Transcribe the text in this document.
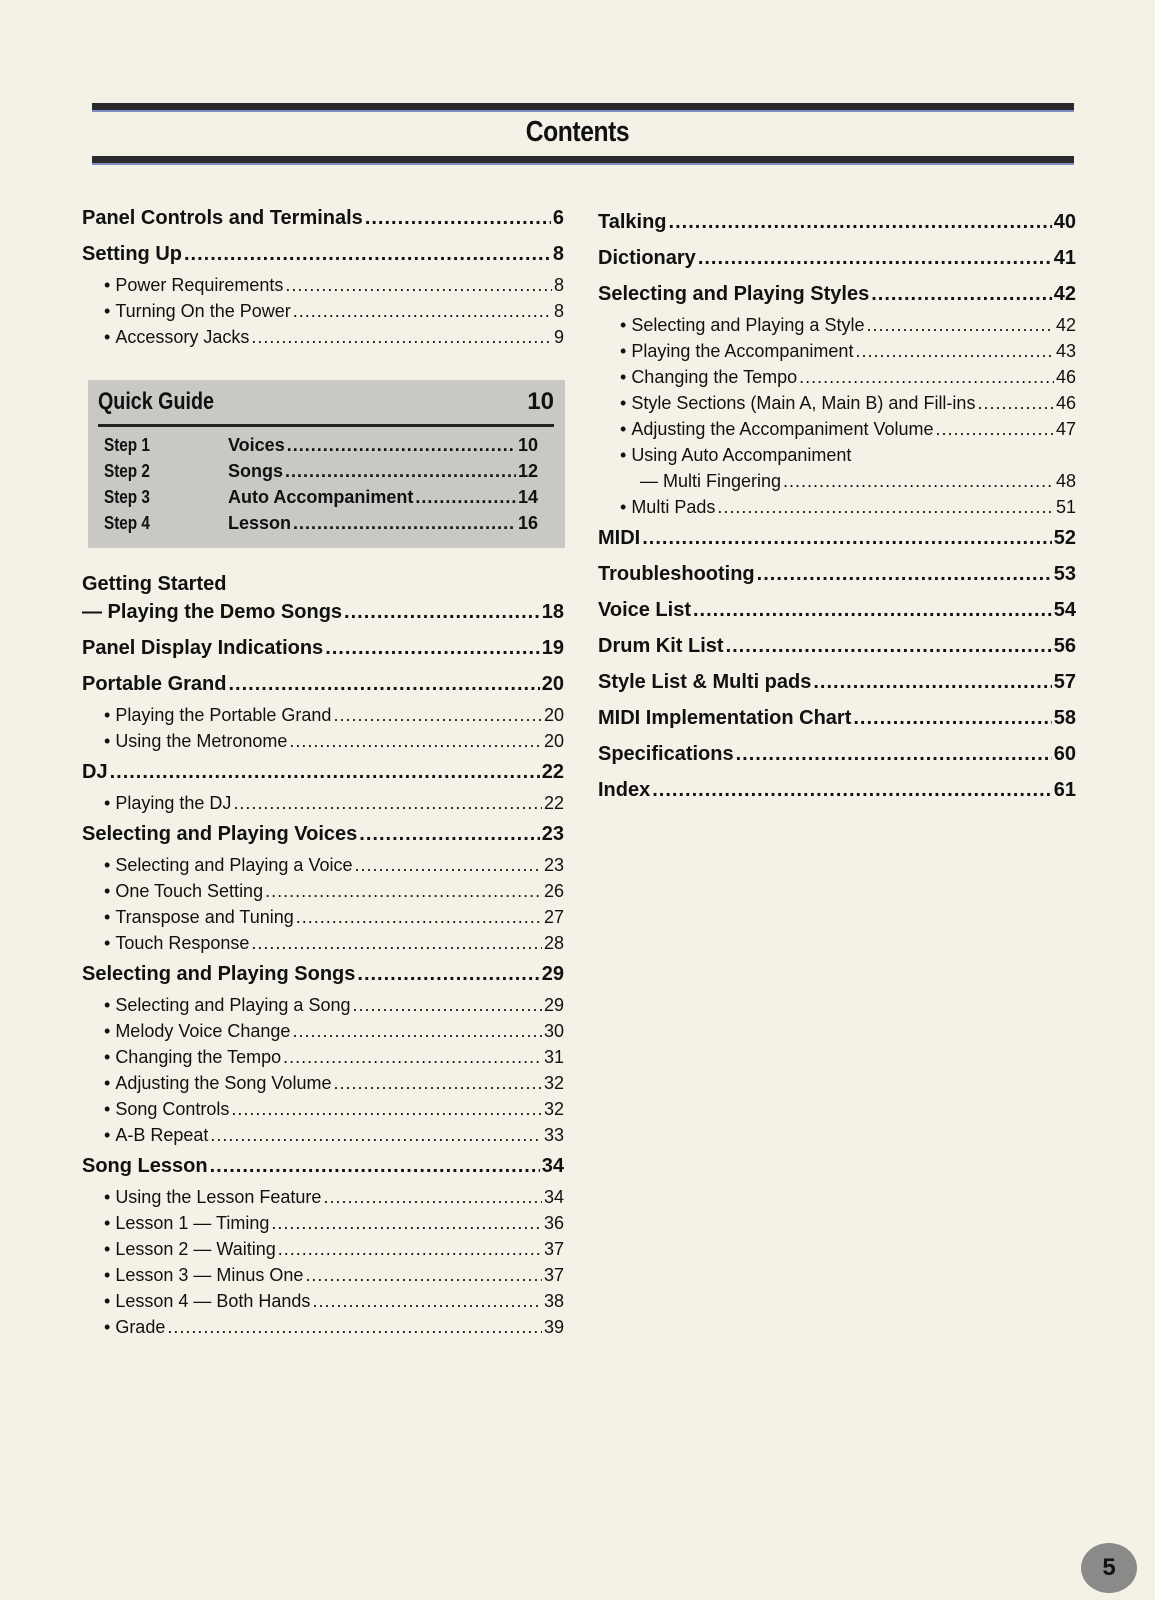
Contents
Panel Controls and Terminals .....	6
Setting Up .....	8
• Power Requirements .....	8
• Turning On the Power .....	8
• Accessory Jacks .....	9
Quick Guide	10
Step 1	Voices .....	10
Step 2	Songs .....	12
Step 3	Auto Accompaniment .....	14
Step 4	Lesson .....	16
Getting Started
— Playing the Demo Songs .....	18
Panel Display Indications .....	19
Portable Grand .....	20
• Playing the Portable Grand .....	20
• Using the Metronome .....	20
DJ .....	22
• Playing the DJ .....	22
Selecting and Playing Voices .....	23
• Selecting and Playing a Voice .....	23
• One Touch Setting .....	26
• Transpose and Tuning .....	27
• Touch Response .....	28
Selecting and Playing Songs .....	29
• Selecting and Playing a Song .....	29
• Melody Voice Change .....	30
• Changing the Tempo .....	31
• Adjusting the Song Volume .....	32
• Song Controls .....	32
• A-B Repeat .....	33
Song Lesson .....	34
• Using the Lesson Feature .....	34
• Lesson 1 — Timing .....	36
• Lesson 2 — Waiting .....	37
• Lesson 3 — Minus One .....	37
• Lesson 4 — Both Hands .....	38
• Grade .....	39
Talking .....	40
Dictionary .....	41
Selecting and Playing Styles .....	42
• Selecting and Playing a Style .....	42
• Playing the Accompaniment .....	43
• Changing the Tempo .....	46
• Style Sections (Main A, Main B) and Fill-ins .....	46
• Adjusting the Accompaniment Volume .....	47
• Using Auto Accompaniment
— Multi Fingering .....	48
• Multi Pads .....	51
MIDI .....	52
Troubleshooting .....	53
Voice List .....	54
Drum Kit List .....	56
Style List & Multi pads .....	57
MIDI Implementation Chart .....	58
Specifications .....	60
Index .....	61
5
